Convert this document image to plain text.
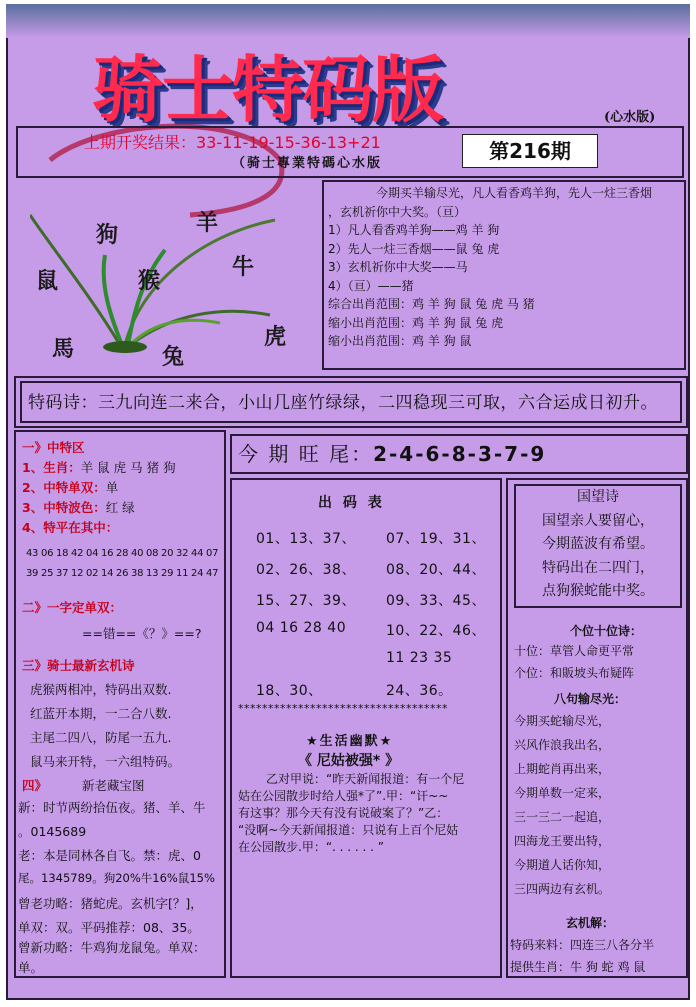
骑士特码版	(心水版)
上期开奖结果：33-11-19-15-36-13+21
（骑士專業特碼心水版
第216期
狗	羊
鼠	猴
牛
馬	兔
虎
今期买羊输尽光，凡人看香鸡羊狗，先人一炷三香烟
，玄机祈你中大奖。（亘）
1）凡人看香鸡羊狗——鸡 羊 狗
2）先人一炷三香烟——鼠 兔 虎
3）玄机祈你中大奖——马
4）（亘）——猪
综合出肖范围：鸡 羊 狗 鼠 兔 虎 马 猪
缩小出肖范围：鸡 羊 狗 鼠 兔 虎
缩小出肖范围：鸡 羊 狗 鼠
特码诗：三九向连二来合，小山几座竹绿绿，二四稳现三可取，六合运成日初升。
一》中特区
1、生肖：羊 鼠 虎 马 猪 狗
2、中特单双：单
3、中特波色：红 绿
4、特平在其中：
43 06 18 42 04 16 28 40 08 20 32 44 07
39 25 37 12 02 14 26 38 13 29 11 24 47
二》一字定单双：
==错==《？》==?
三》骑士最新玄机诗
虎猴两相冲，特码出双数.
红蓝开本期，一二合八数.
主尾二四八，防尾一五九.
鼠马来开特，一六组特码。
四》	新老藏宝图
新：时节两纷拾伍夜。猪、羊、牛
。0145689
老：本是同林各自飞。禁：虎、0
尾。1345789。狗20%牛16%鼠15%
曾老功略：猪蛇虎。玄机字[？]，
单双：双。平码推荐：08、35。
曾新功略：牛鸡狗龙鼠兔。单双：
单。
今 期 旺 尾：2-4-6-8-3-7-9
出 码 表
01、13、37、 07、19、31、
02、26、38、 08、20、44、
15、27、39、 09、33、45、
04 16 28 40	10、22、46、
11 23 35
18、30、	24、36。
***********************************
★生活幽默★
《 尼姑被强* 》
乙对甲说：“昨天新闻报道：有一个尼
姑在公园散步时给人强*了”.甲：“讦~~
有这事？那今天有没有说破案了？”乙：
“没啊~今天新闻报道：只说有上百个尼姑
在公园散步.甲：“. . . . . . ”
国望诗
国望亲人要留心，
今期蓝波有希望。
特码出在二四门，
点狗猴蛇能中奖。
个位十位诗：
十位：草管人命更平常
个位：和販坡头布疑阵
八句输尽光：
今期买蛇输尽光，
兴风作浪我出名，
上期蛇肖再出来，
今期单数一定来，
三一三二一起追，
四海龙王要出特，
今期道人话你知，
三四两边有玄机。
玄机解：
特码来料：四连三八各分半
提供生肖：牛 狗 蛇 鸡 鼠
